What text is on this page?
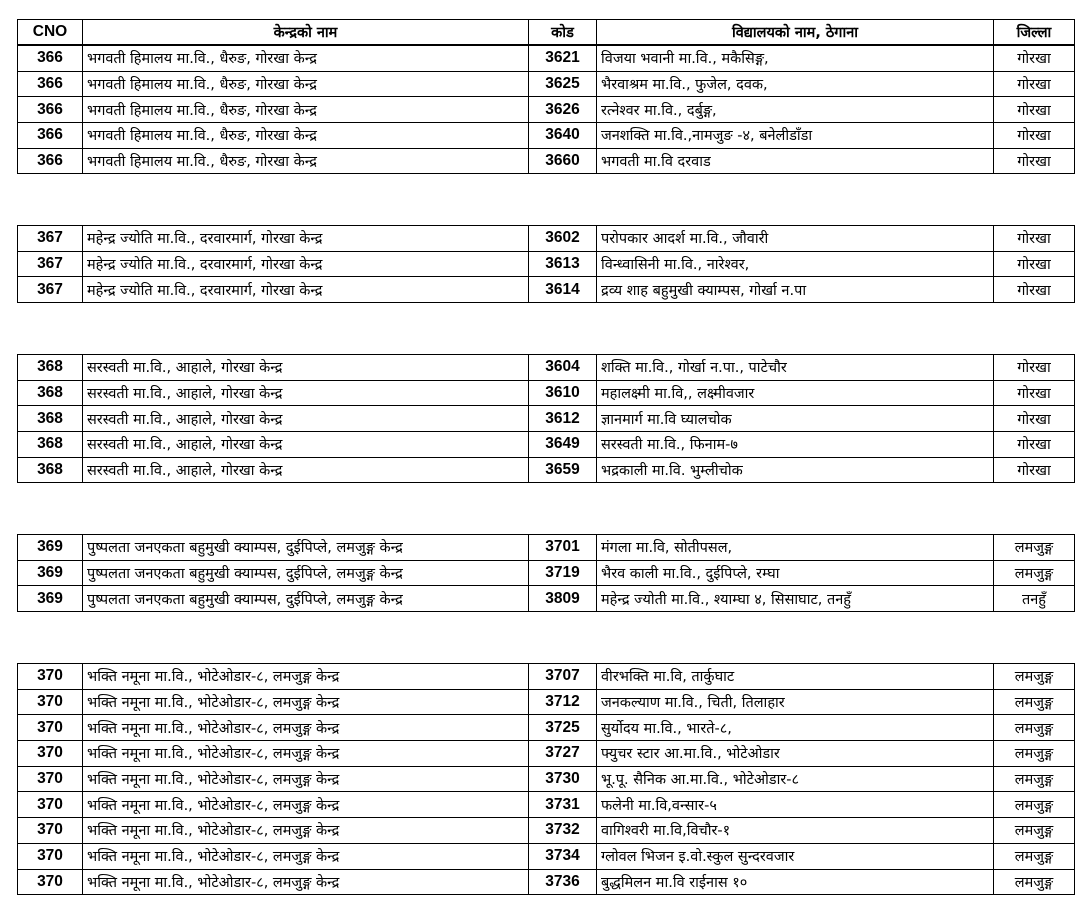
CNO	केन्द्रको नाम	कोड	विद्यालयको नाम, ठेगाना	जिल्ला
366	भगवती हिमालय मा.वि., धैरुङ, गोरखा केन्द्र	3621	विजया भवानी मा.वि., मकैसिङ्ग,	गोरखा
366	भगवती हिमालय मा.वि., धैरुङ, गोरखा केन्द्र	3625	भैरवाश्रम मा.वि., फुजेल, दवक,	गोरखा
366	भगवती हिमालय मा.वि., धैरुङ, गोरखा केन्द्र	3626	रत्नेश्वर मा.वि., दर्बुङ्ग,	गोरखा
366	भगवती हिमालय मा.वि., धैरुङ, गोरखा केन्द्र	3640	जनशक्ति मा.वि.,नामजुङ -४, बनेलीडाँडा	गोरखा
366	भगवती हिमालय मा.वि., धैरुङ, गोरखा केन्द्र	3660	भगवती मा.वि दरवाड	गोरखा
367	महेन्द्र ज्योति मा.वि., दरवारमार्ग, गोरखा केन्द्र	3602	परोपकार आदर्श मा.वि., जौवारी	गोरखा
367	महेन्द्र ज्योति मा.वि., दरवारमार्ग, गोरखा केन्द्र	3613	विन्ध्वासिनी मा.वि., नारेश्वर,	गोरखा
367	महेन्द्र ज्योति मा.वि., दरवारमार्ग, गोरखा केन्द्र	3614	द्रव्य शाह बहुमुखी क्याम्पस, गोर्खा न.पा	गोरखा
368	सरस्वती मा.वि., आहाले, गोरखा केन्द्र	3604	शक्ति मा.वि., गोर्खा न.पा., पाटेचौर	गोरखा
368	सरस्वती मा.वि., आहाले, गोरखा केन्द्र	3610	महालक्ष्मी मा.वि,, लक्ष्मीवजार	गोरखा
368	सरस्वती मा.वि., आहाले, गोरखा केन्द्र	3612	ज्ञानमार्ग मा.वि घ्यालचोक	गोरखा
368	सरस्वती मा.वि., आहाले, गोरखा केन्द्र	3649	सरस्वती मा.वि., फिनाम-७	गोरखा
368	सरस्वती मा.वि., आहाले, गोरखा केन्द्र	3659	भद्रकाली मा.वि. भुम्लीचोक	गोरखा
369	पुष्पलता जनएकता बहुमुखी क्याम्पस, दुईपिप्ले, लमजुङ्ग केन्द्र	3701	मंगला मा.वि, सोतीपसल,	लमजुङ्ग
369	पुष्पलता जनएकता बहुमुखी क्याम्पस, दुईपिप्ले, लमजुङ्ग केन्द्र	3719	भैरव काली मा.वि., दुईपिप्ले, रम्घा	लमजुङ्ग
369	पुष्पलता जनएकता बहुमुखी क्याम्पस, दुईपिप्ले, लमजुङ्ग केन्द्र	3809	महेन्द्र ज्योती मा.वि., श्याम्घा ४, सिसाघाट, तनहुँ	तनहुँ
370	भक्ति नमूना मा.वि., भोटेओडार-८, लमजुङ्ग केन्द्र	3707	वीरभक्ति मा.वि, तार्कुघाट	लमजुङ्ग
370	भक्ति नमूना मा.वि., भोटेओडार-८, लमजुङ्ग केन्द्र	3712	जनकल्याण मा.वि., चिती, तिलाहार	लमजुङ्ग
370	भक्ति नमूना मा.वि., भोटेओडार-८, लमजुङ्ग केन्द्र	3725	सुर्योदय मा.वि., भारते-८,	लमजुङ्ग
370	भक्ति नमूना मा.वि., भोटेओडार-८, लमजुङ्ग केन्द्र	3727	फ्युचर स्टार आ.मा.वि., भोटेओडार	लमजुङ्ग
370	भक्ति नमूना मा.वि., भोटेओडार-८, लमजुङ्ग केन्द्र	3730	भू.पू. सैनिक आ.मा.वि., भोटेओडार-८	लमजुङ्ग
370	भक्ति नमूना मा.वि., भोटेओडार-८, लमजुङ्ग केन्द्र	3731	फलेनी मा.वि,वन्सार-५	लमजुङ्ग
370	भक्ति नमूना मा.वि., भोटेओडार-८, लमजुङ्ग केन्द्र	3732	वागिश्वरी मा.वि,विचौर-१	लमजुङ्ग
370	भक्ति नमूना मा.वि., भोटेओडार-८, लमजुङ्ग केन्द्र	3734	ग्लोवल भिजन इ.वो.स्कुल सुन्दरवजार	लमजुङ्ग
370	भक्ति नमूना मा.वि., भोटेओडार-८, लमजुङ्ग केन्द्र	3736	बुद्धमिलन मा.वि राईनास १०	लमजुङ्ग
